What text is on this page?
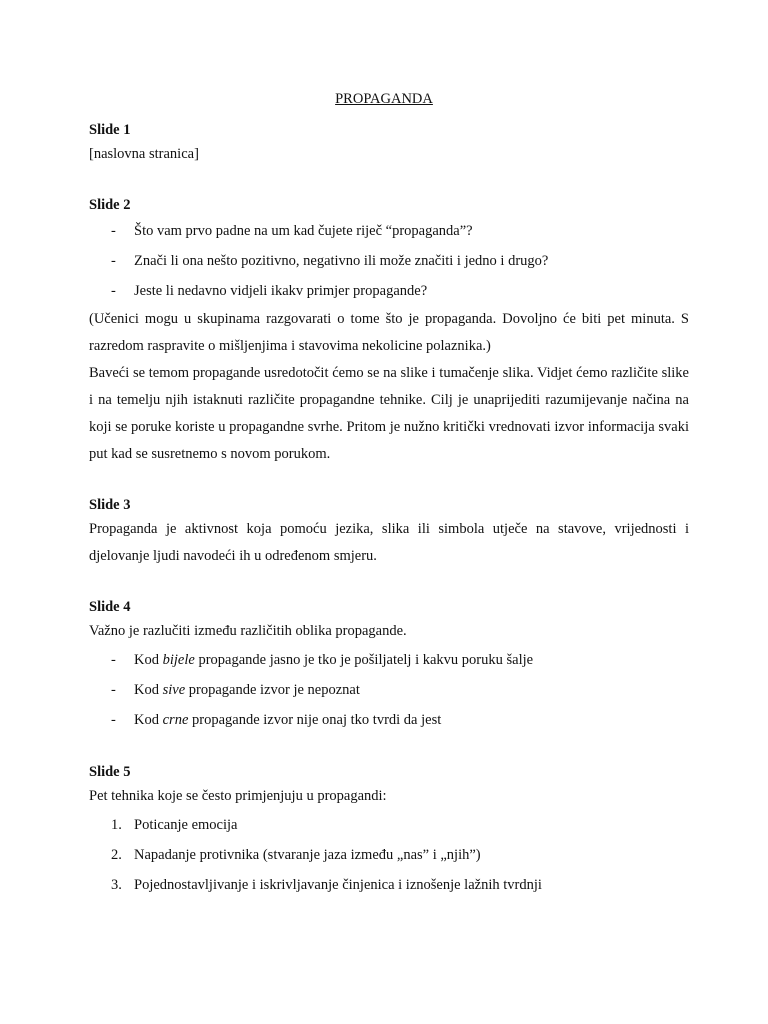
PROPAGANDA
Slide 1
[naslovna stranica]
Slide 2
- Što vam prvo padne na um kad čujete riječ “propaganda”?
- Znači li ona nešto pozitivno, negativno ili može značiti i jedno i drugo?
- Jeste li nedavno vidjeli ikakv primjer propagande?
(Učenici mogu u skupinama razgovarati o tome što je propaganda. Dovoljno će biti pet minuta. S razredom raspravite o mišljenjima i stavovima nekolicine polaznika.)
Baveći se temom propagande usredotočit ćemo se na slike i tumačenje slika. Vidjet ćemo različite slike i na temelju njih istaknuti različite propagandne tehnike. Cilj je unaprijediti razumijevanje načina na koji se poruke koriste u propagandne svrhe. Pritom je nužno kritički vrednovati izvor informacija svaki put kad se susretnemo s novom porukom.
Slide 3
Propaganda je aktivnost koja pomoću jezika, slika ili simbola utječe na stavove, vrijednosti i djelovanje ljudi navodeći ih u određenom smjeru.
Slide 4
Važno je razlučiti između različitih oblika propagande.
- Kod bijele propagande jasno je tko je pošiljatelj i kakvu poruku šalje
- Kod sive propagande izvor je nepoznat
- Kod crne propagande izvor nije onaj tko tvrdi da jest
Slide 5
Pet tehnika koje se često primjenjuju u propagandi:
1. Poticanje emocija
2. Napadanje protivnika (stvaranje jaza između „nas” i „njih”)
3. Pojednostavljivanje i iskrivljavanje činjenica i iznošenje lažnih tvrdnji
